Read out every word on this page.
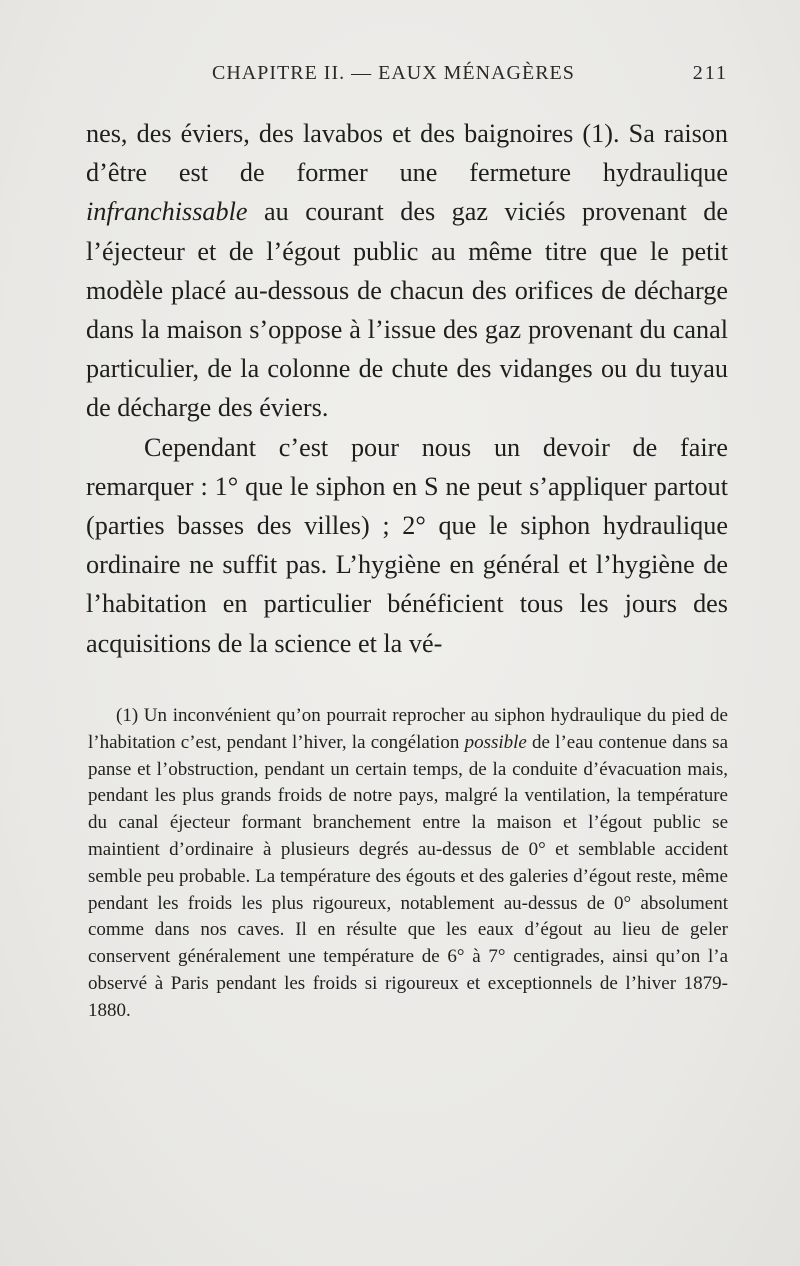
CHAPITRE II. — EAUX MÉNAGÈRES	211

nes, des éviers, des lavabos et des baignoires (1). Sa raison d’être est de former une fermeture hydraulique infranchissable au courant des gaz viciés provenant de l’éjecteur et de l’égout public au même titre que le petit modèle placé au-dessous de chacun des orifices de décharge dans la maison s’oppose à l’issue des gaz provenant du canal particulier, de la colonne de chute des vidanges ou du tuyau de décharge des éviers.

Cependant c’est pour nous un devoir de faire remarquer : 1° que le siphon en S ne peut s’appliquer partout (parties basses des villes) ; 2° que le siphon hydraulique ordinaire ne suffit pas. L’hygiène en général et l’hygiène de l’habitation en particulier bénéficient tous les jours des acquisitions de la science et la vé-

(1) Un inconvénient qu’on pourrait reprocher au siphon hydraulique du pied de l’habitation c’est, pendant l’hiver, la congélation possible de l’eau contenue dans sa panse et l’obstruction, pendant un certain temps, de la conduite d’évacuation mais, pendant les plus grands froids de notre pays, malgré la ventilation, la température du canal éjecteur formant branchement entre la maison et l’égout public se maintient d’ordinaire à plusieurs degrés au-dessus de 0° et semblable accident semble peu probable. La température des égouts et des galeries d’égout reste, même pendant les froids les plus rigoureux, notablement au-dessus de 0° absolument comme dans nos caves. Il en résulte que les eaux d’égout au lieu de geler conservent généralement une température de 6° à 7° centigrades, ainsi qu’on l’a observé à Paris pendant les froids si rigoureux et exceptionnels de l’hiver 1879-1880.
